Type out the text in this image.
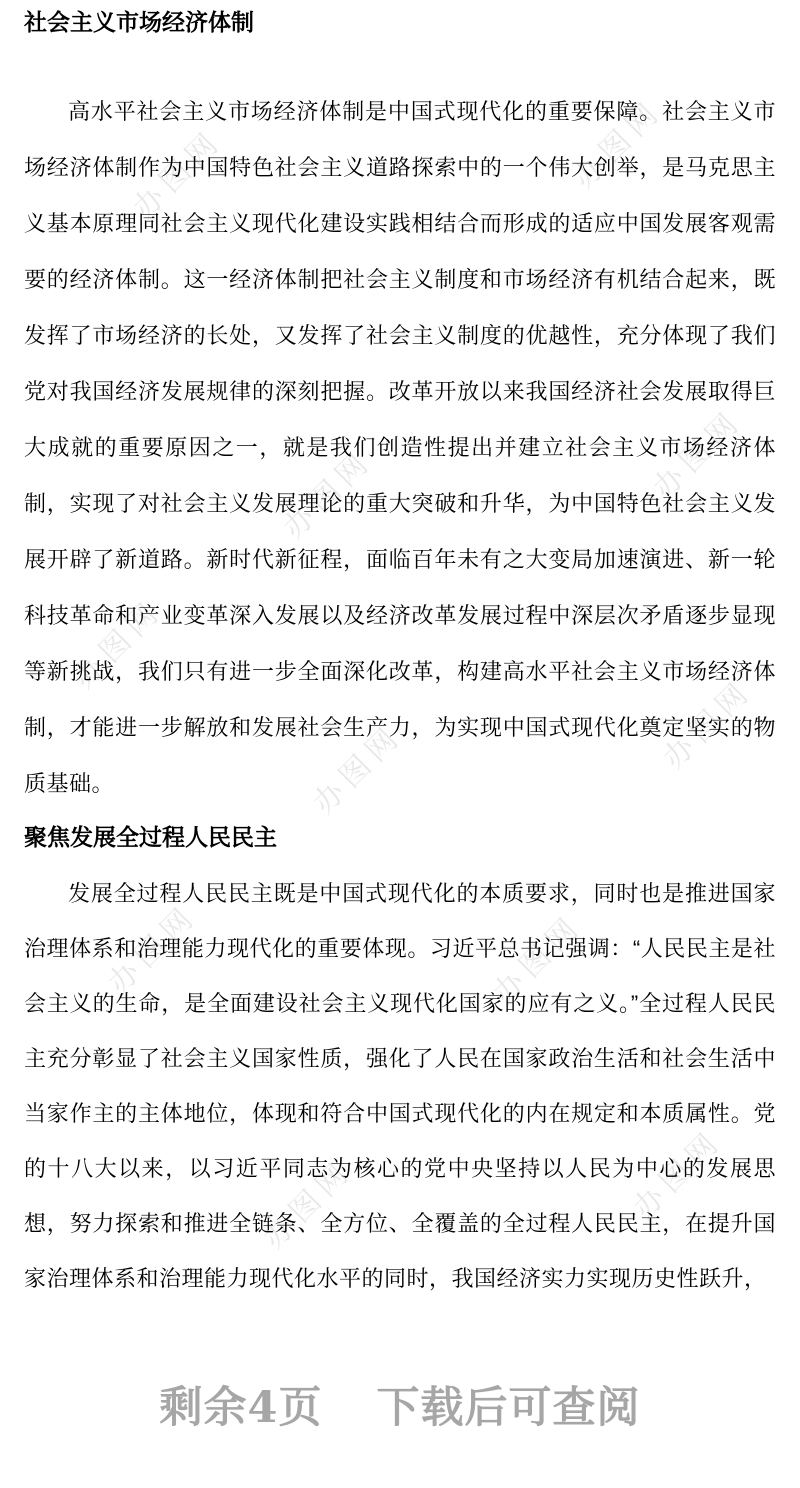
办图网	办图网
办图网	办图网
办图网
办图网
办图网	办图网
办图网
办图网	办图网
社会主义市场经济体制

高水平社会主义市场经济体制是中国式现代化的重要保障。社会主义市场经济体制作为中国特色社会主义道路探索中的一个伟大创举，是马克思主义基本原理同社会主义现代化建设实践相结合而形成的适应中国发展客观需要的经济体制。这一经济体制把社会主义制度和市场经济有机结合起来，既发挥了市场经济的长处，又发挥了社会主义制度的优越性，充分体现了我们党对我国经济发展规律的深刻把握。改革开放以来我国经济社会发展取得巨大成就的重要原因之一，就是我们创造性提出并建立社会主义市场经济体制，实现了对社会主义发展理论的重大突破和升华，为中国特色社会主义发展开辟了新道路。新时代新征程，面临百年未有之大变局加速演进、新一轮科技革命和产业变革深入发展以及经济改革发展过程中深层次矛盾逐步显现等新挑战，我们只有进一步全面深化改革，构建高水平社会主义市场经济体制，才能进一步解放和发展社会生产力，为实现中国式现代化奠定坚实的物质基础。

聚焦发展全过程人民民主

发展全过程人民民主既是中国式现代化的本质要求，同时也是推进国家治理体系和治理能力现代化的重要体现。习近平总书记强调：“人民民主是社会主义的生命，是全面建设社会主义现代化国家的应有之义。”全过程人民民主充分彰显了社会主义国家性质，强化了人民在国家政治生活和社会生活中当家作主的主体地位，体现和符合中国式现代化的内在规定和本质属性。党的十八大以来，以习近平同志为核心的党中央坚持以人民为中心的发展思想，努力探索和推进全链条、全方位、全覆盖的全过程人民民主，在提升国家治理体系和治理能力现代化水平的同时，我国经济实力实现历史性跃升，

剩余4页 下载后可查阅
